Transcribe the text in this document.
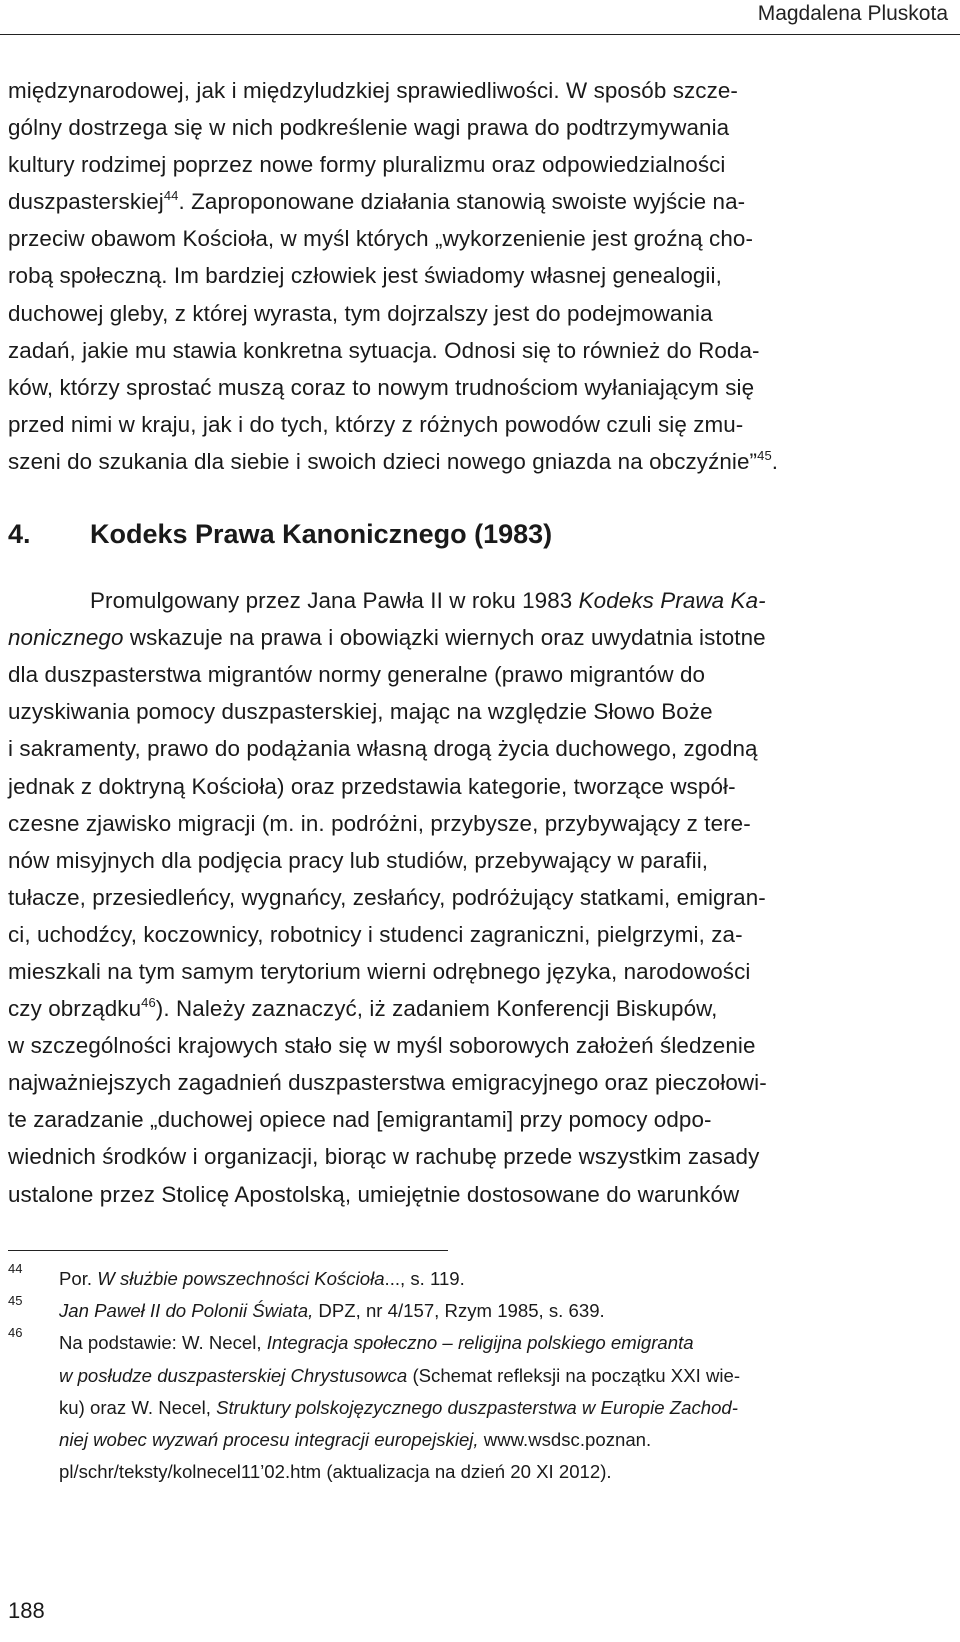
Magdalena Pluskota

międzynarodowej, jak i międzyludzkiej sprawiedliwości. W sposób szcze-
gólny dostrzega się w nich podkreślenie wagi prawa do podtrzymywania
kultury rodzimej poprzez nowe formy pluralizmu oraz odpowiedzialności
duszpasterskiej$^{44}$. Zaproponowane działania stanowią swoiste wyjście na-
przeciw obawom Kościoła, w myśl których „wykorzenienie jest groźną cho-
robą społeczną. Im bardziej człowiek jest świadomy własnej genealogii,
duchowej gleby, z której wyrasta, tym dojrzalszy jest do podejmowania
zadań, jakie mu stawia konkretna sytuacja. Odnosi się to również do Roda-
ków, którzy sprostać muszą coraz to nowym trudnościom wyłaniającym się
przed nimi w kraju, jak i do tych, którzy z różnych powodów czuli się zmu-
szeni do szukania dla siebie i swoich dzieci nowego gniazda na obczyźnie”$^{45}$.

4. Kodeks Prawa Kanonicznego (1983)

Promulgowany przez Jana Pawła II w roku 1983 Kodeks Prawa Ka-
nonicznego wskazuje na prawa i obowiązki wiernych oraz uwydatnia istotne
dla duszpasterstwa migrantów normy generalne (prawo migrantów do
uzyskiwania pomocy duszpasterskiej, mając na względzie Słowo Boże
i sakramenty, prawo do podążania własną drogą życia duchowego, zgodną
jednak z doktryną Kościoła) oraz przedstawia kategorie, tworzące współ-
czesne zjawisko migracji (m. in. podróżni, przybysze, przybywający z tere-
nów misyjnych dla podjęcia pracy lub studiów, przebywający w parafii,
tułacze, przesiedleńcy, wygnańcy, zesłańcy, podróżujący statkami, emigran-
ci, uchodźcy, koczownicy, robotnicy i studenci zagraniczni, pielgrzymi, za-
mieszkali na tym samym terytorium wierni odrębnego języka, narodowości
czy obrządku$^{46}$). Należy zaznaczyć, iż zadaniem Konferencji Biskupów,
w szczególności krajowych stało się w myśl soborowych założeń śledzenie
najważniejszych zagadnień duszpasterstwa emigracyjnego oraz pieczołowi-
te zaradzanie „duchowej opiece nad [emigrantami] przy pomocy odpo-
wiednich środków i organizacji, biorąc w rachubę przede wszystkim zasady
ustalone przez Stolicę Apostolską, umiejętnie dostosowane do warunków

44 Por. W służbie powszechności Kościoła..., s. 119.
45 Jan Paweł II do Polonii Świata, DPZ, nr 4/157, Rzym 1985, s. 639.
46 Na podstawie: W. Necel, Integracja społeczno – religijna polskiego emigranta
w posłudze duszpasterskiej Chrystusowca (Schemat refleksji na początku XXI wie-
ku) oraz W. Necel, Struktury polskojęzycznego duszpasterstwa w Europie Zachod-
niej wobec wyzwań procesu integracji europejskiej, www.wsdsc.poznan.
pl/schr/teksty/kolnecel11’02.htm (aktualizacja na dzień 20 XI 2012).
188
